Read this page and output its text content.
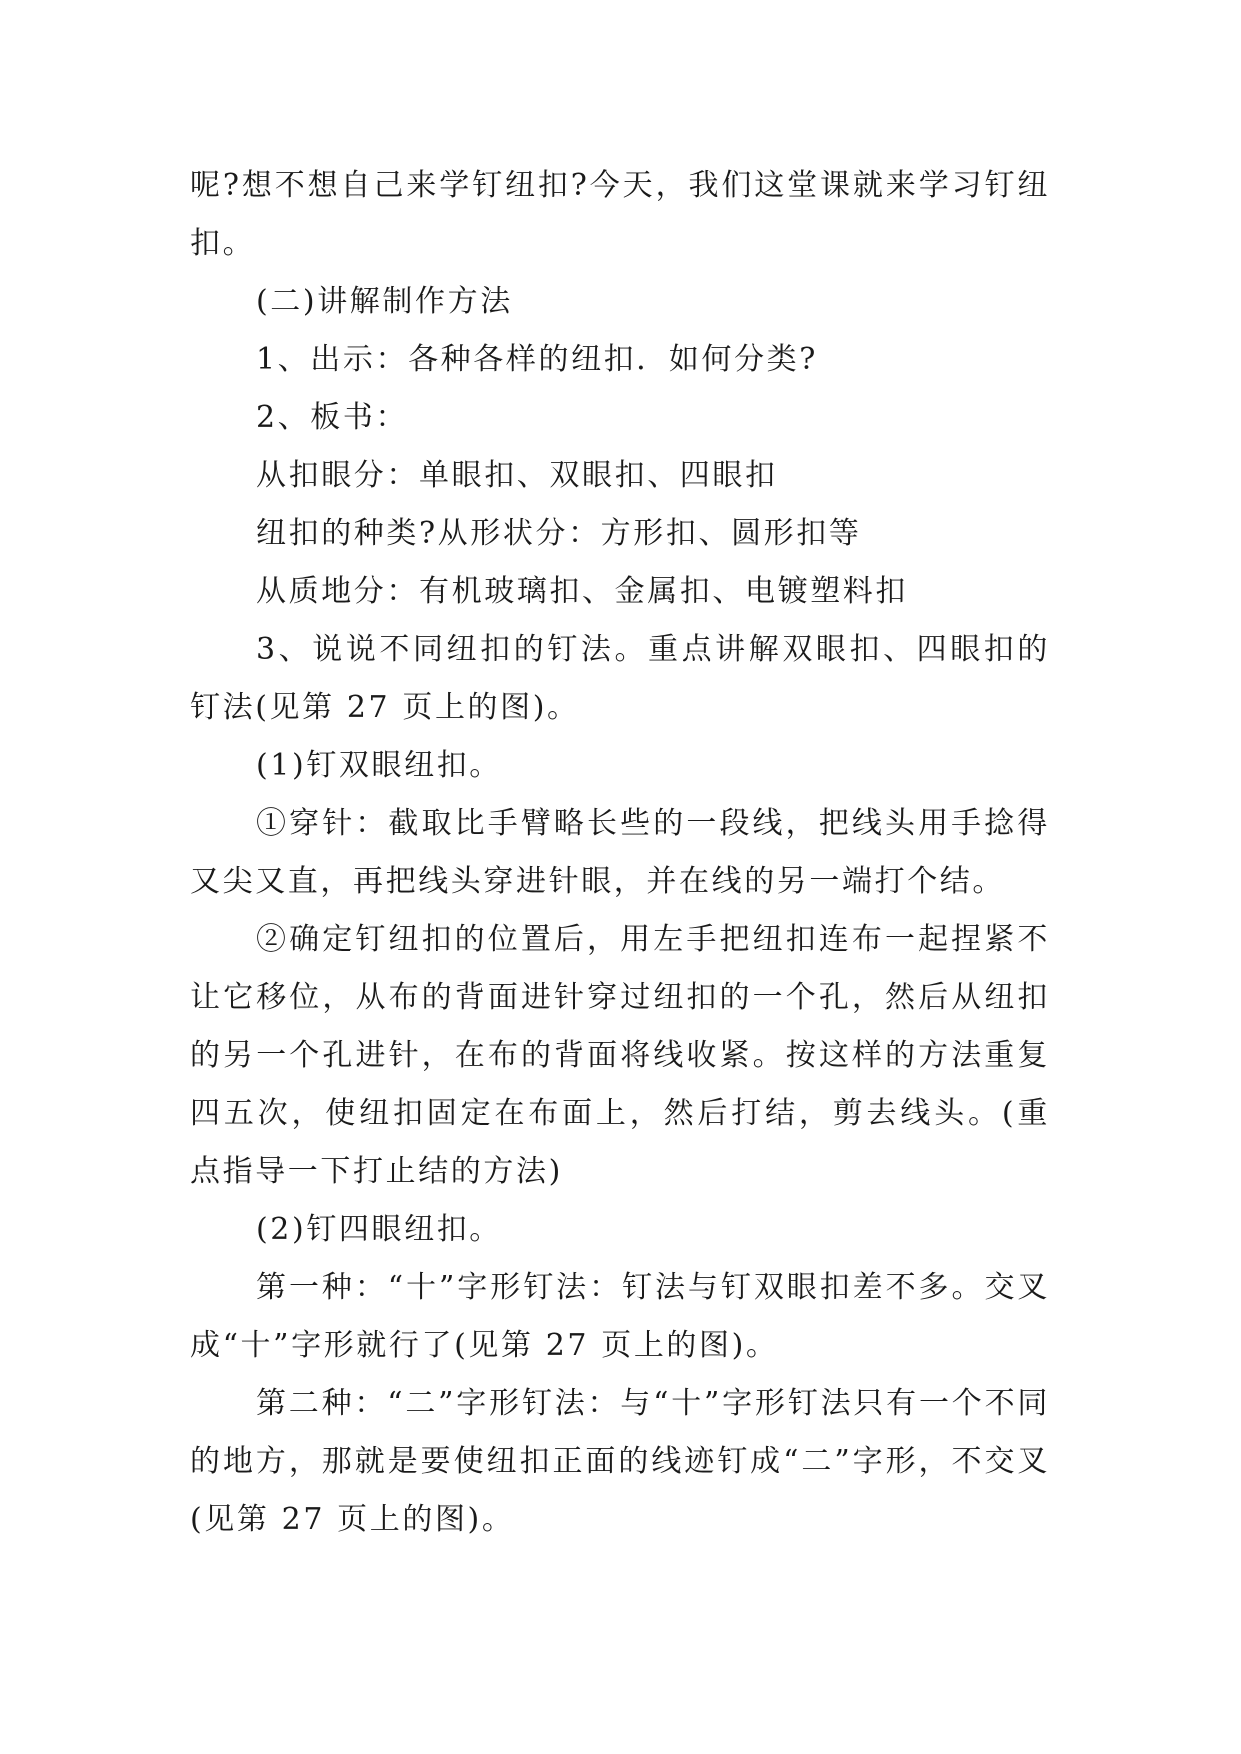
呢?想不想自己来学钉纽扣?今天，我们这堂课就来学习钉纽扣。

(二)讲解制作方法

1、出示：各种各样的纽扣．如何分类?

2、板书：

从扣眼分：单眼扣、双眼扣、四眼扣

纽扣的种类?从形状分：方形扣、圆形扣等

从质地分：有机玻璃扣、金属扣、电镀塑料扣

3、说说不同纽扣的钉法。重点讲解双眼扣、四眼扣的钉法(见第 27 页上的图)。

(1)钉双眼纽扣。

①穿针：截取比手臂略长些的一段线，把线头用手捻得又尖又直，再把线头穿进针眼，并在线的另一端打个结。

②确定钉纽扣的位置后，用左手把纽扣连布一起捏紧不让它移位，从布的背面进针穿过纽扣的一个孔，然后从纽扣的另一个孔进针，在布的背面将线收紧。按这样的方法重复四五次，使纽扣固定在布面上，然后打结，剪去线头。(重点指导一下打止结的方法)

(2)钉四眼纽扣。

第一种：“十”字形钉法：钉法与钉双眼扣差不多。交叉成“十”字形就行了(见第 27 页上的图)。

第二种：“二”字形钉法：与“十”字形钉法只有一个不同的地方，那就是要使纽扣正面的线迹钉成“二”字形，不交叉(见第 27 页上的图)。
